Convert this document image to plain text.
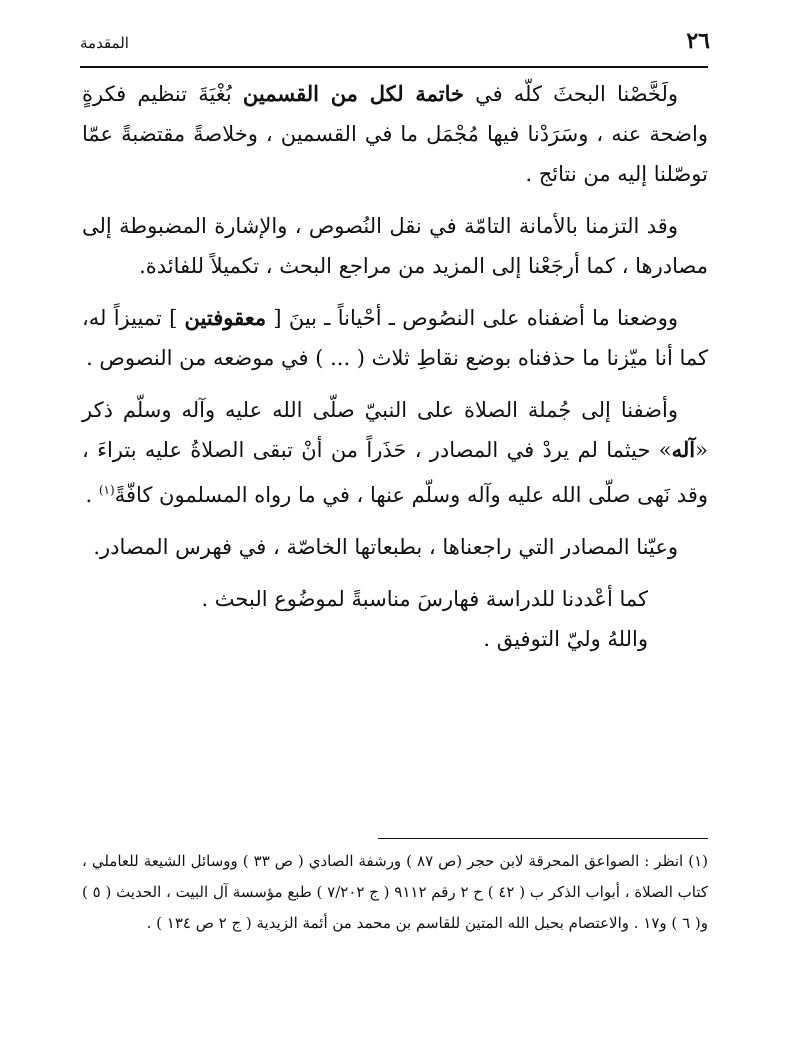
٢٦
المقدمة

ولَخَّصْنا البحثَ كلّه في خاتمة لكل من القسمين بُغْيَةَ تنظيم فكرةٍ واضحة عنه ، وسَرَدْنا فيها مُجْمَل ما في القسمين ، وخلاصةً مقتضبةً عمّا توصّلنا إليه من نتائج .

وقد التزمنا بالأمانة التامّة في نقل النُصوص ، والإشارة المضبوطة إلى مصادرها ، كما أرجَعْنا إلى المزيد من مراجع البحث ، تكميلاً للفائدة.

ووضعنا ما أضفناه على النصُوص ـ أحْياناً ـ بينَ [ معقوفتين ] تمييزاً له، كما أنا ميّزنا ما حذفناه بوضع نقاطِ ثلاث ( ... ) في موضعه من النصوص .

وأضفنا إلى جُملة الصلاة على النبيّ صلّى الله عليه وآله وسلّم ذكر «آله» حيثما لم يردْ في المصادر ، حَذَراً من أنْ تبقى الصلاةُ عليه بتراءَ ، وقد نَهى صلّى الله عليه وآله وسلّم عنها ، في ما رواه المسلمون كافّةً$^{(١)}$ .

وعيّنا المصادر التي راجعناها ، بطبعاتها الخاصّة ، في فهرس المصادر.

كما أعْددنا للدراسة فهارسَ مناسبةً لموضُوع البحث .

واللهُ وليّ التوفيق .

(١) انظر : الصواعق المحرقة لابن حجر (ص ٨٧ ) ورشفة الصادي ( ص ٣٣ ) ووسائل الشيعة للعاملي ، كتاب الصلاة ، أبواب الذكر ب ( ٤٢ ) ح ٢ رقم ٩١١٢ ( ج ٧/٢٠٢ ) طبع مؤسسة آل البيت ، الحديث ( ٥ ) و( ٦ ) و١٧ . والاعتصام بحبل الله المتين للقاسم بن محمد من أئمة الزيدية ( ج ٢ ص ١٣٤ ) .
